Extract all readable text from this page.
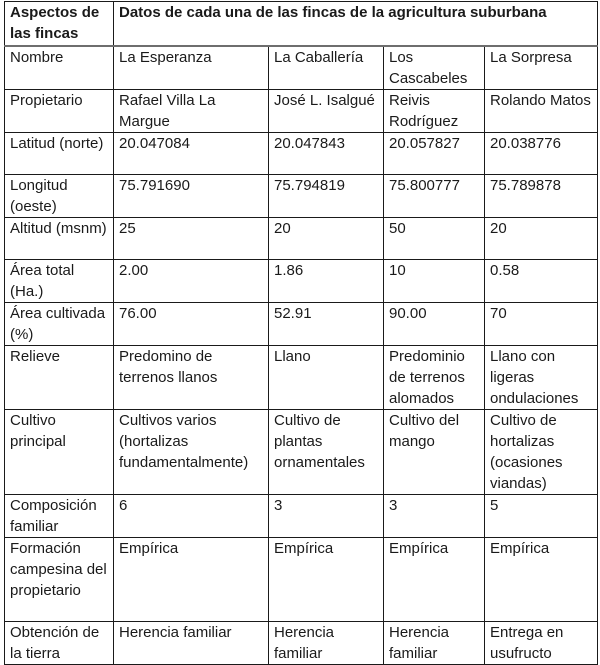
Aspectos de las fincas	Datos de cada una de las fincas de la agricultura suburbana			
Nombre	La Esperanza	La Caballería	Los Cascabeles	La Sorpresa
Propietario	Rafael Villa La Margue	José L. Isalgué	Reivis Rodríguez	Rolando Matos
Latitud (norte)	20.047084	20.047843	20.057827	20.038776
Longitud (oeste)	75.791690	75.794819	75.800777	75.789878
Altitud (msnm)	25	20	50	20
Área total (Ha.)	2.00	1.86	10	0.58
Área cultivada (%)	76.00	52.91	90.00	70
Relieve	Predomino de terrenos llanos	Llano	Predominio de terrenos alomados	Llano con ligeras ondulaciones
Cultivo principal	Cultivos varios (hortalizas fundamentalmente)	Cultivo de plantas ornamentales	Cultivo del mango	Cultivo de hortalizas (ocasiones viandas)
Composición familiar	6	3	3	5
Formación campesina del propietario	Empírica	Empírica	Empírica	Empírica
Obtención de la tierra	Herencia familiar	Herencia familiar	Herencia familiar	Entrega en usufructo
